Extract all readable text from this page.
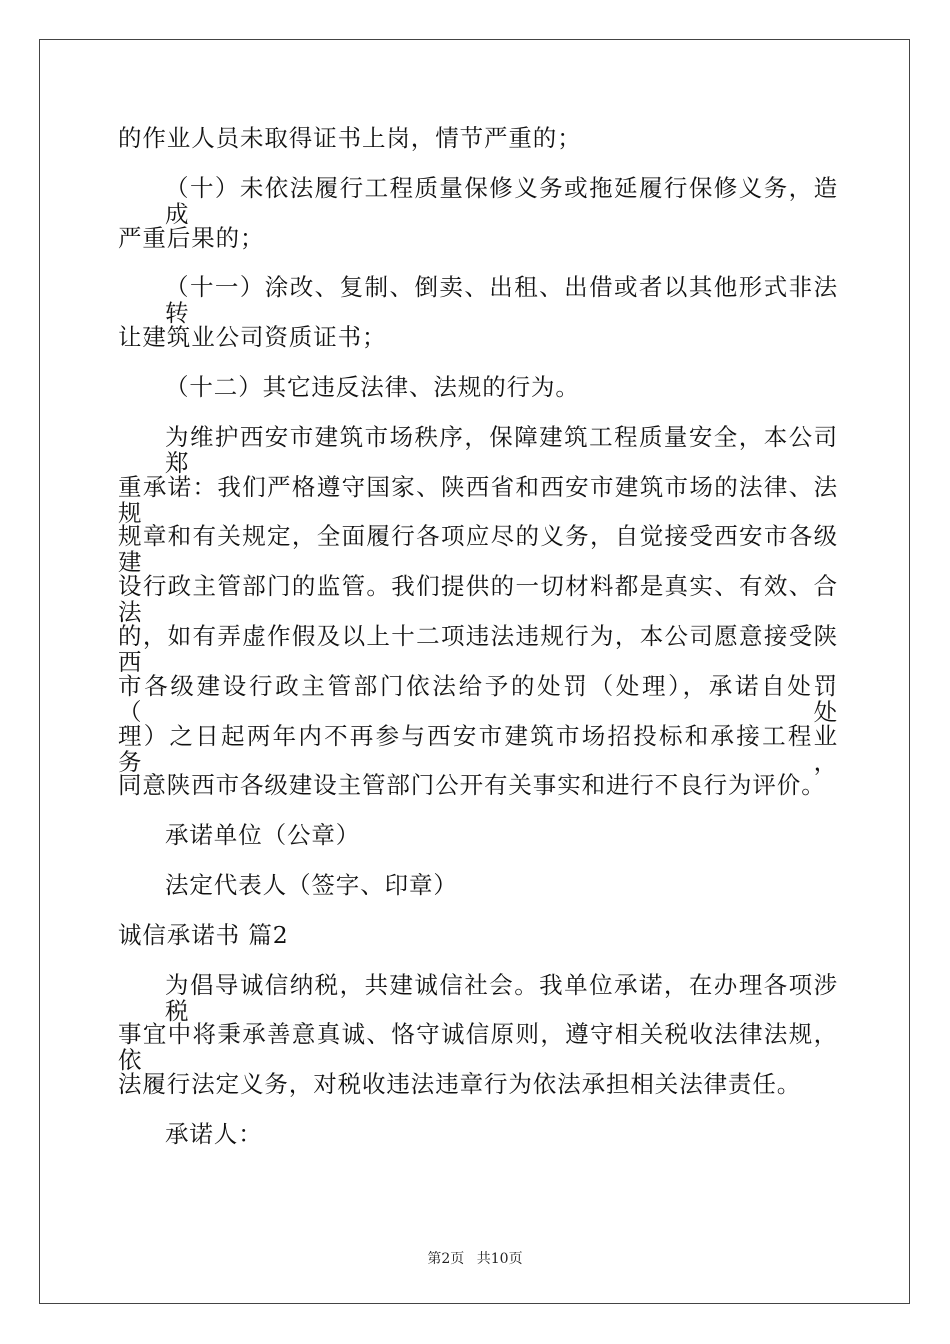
的作业人员未取得证书上岗，情节严重的；
（十）未依法履行工程质量保修义务或拖延履行保修义务，造成
严重后果的；
（十一）涂改、复制、倒卖、出租、出借或者以其他形式非法转
让建筑业公司资质证书；
（十二）其它违反法律、法规的行为。
为维护西安市建筑市场秩序，保障建筑工程质量安全，本公司郑
重承诺：我们严格遵守国家、陕西省和西安市建筑市场的法律、法规
规章和有关规定，全面履行各项应尽的义务，自觉接受西安市各级建
设行政主管部门的监管。我们提供的一切材料都是真实、有效、合法
的，如有弄虚作假及以上十二项违法违规行为，本公司愿意接受陕西
市各级建设行政主管部门依法给予的处罚（处理），承诺自处罚（处
理）之日起两年内不再参与西安市建筑市场招投标和承接工程业务，
同意陕西市各级建设主管部门公开有关事实和进行不良行为评价。
承诺单位（公章）
法定代表人（签字、印章）
诚信承诺书 篇2
为倡导诚信纳税，共建诚信社会。我单位承诺，在办理各项涉税
事宜中将秉承善意真诚、恪守诚信原则，遵守相关税收法律法规，依
法履行法定义务，对税收违法违章行为依法承担相关法律责任。
承诺人：
第2页 共10页
